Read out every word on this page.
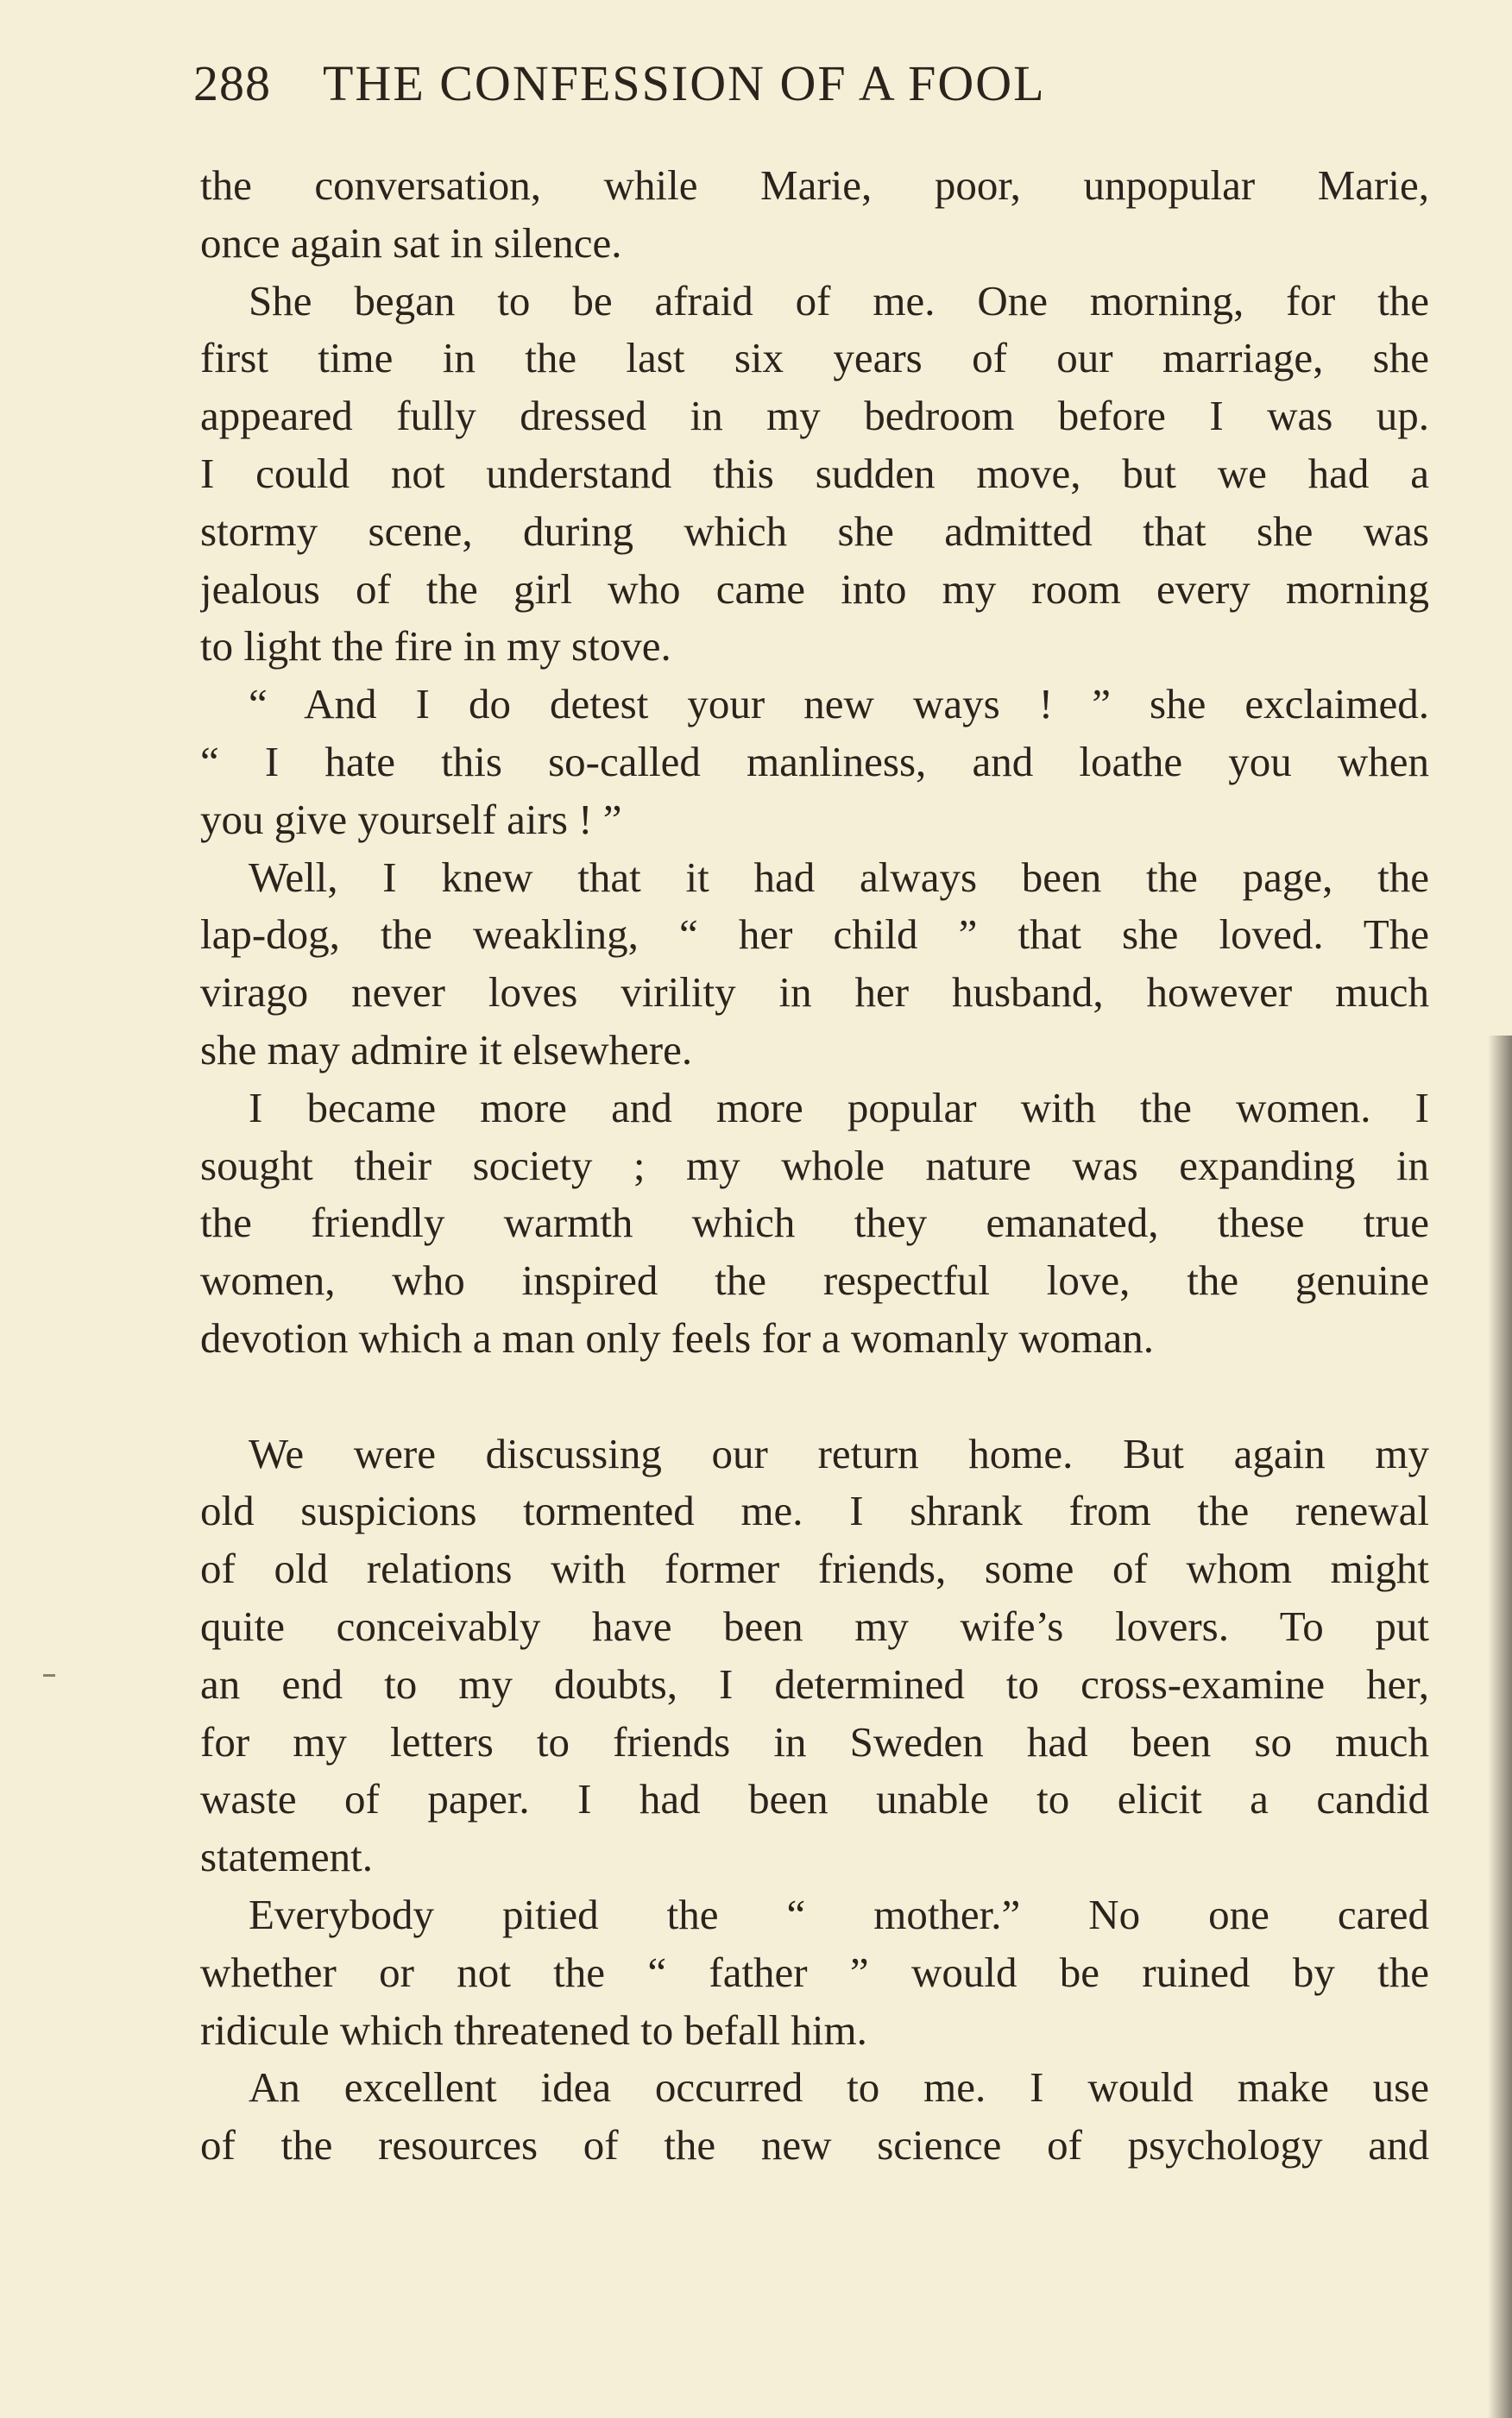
288 THE CONFESSION OF A FOOL
the conversation, while Marie, poor, unpopular Marie,
once again sat in silence.
She began to be afraid of me. One morning, for the
first time in the last six years of our marriage, she
appeared fully dressed in my bedroom before I was up.
I could not understand this sudden move, but we had a
stormy scene, during which she admitted that she was
jealous of the girl who came into my room every morning
to light the fire in my stove.
“ And I do detest your new ways ! ” she exclaimed.
“ I hate this so-called manliness, and loathe you when
you give yourself airs ! ”
Well, I knew that it had always been the page, the
lap-dog, the weakling, “ her child ” that she loved. The
virago never loves virility in her husband, however much
she may admire it elsewhere.
I became more and more popular with the women. I
sought their society ; my whole nature was expanding in
the friendly warmth which they emanated, these true
women, who inspired the respectful love, the genuine
devotion which a man only feels for a womanly woman.
We were discussing our return home. But again my
old suspicions tormented me. I shrank from the renewal
of old relations with former friends, some of whom might
quite conceivably have been my wife’s lovers. To put
an end to my doubts, I determined to cross-examine her,
for my letters to friends in Sweden had been so much
waste of paper. I had been unable to elicit a candid
statement.
Everybody pitied the “ mother.” No one cared
whether or not the “ father ” would be ruined by the
ridicule which threatened to befall him.
An excellent idea occurred to me. I would make use
of the resources of the new science of psychology and
